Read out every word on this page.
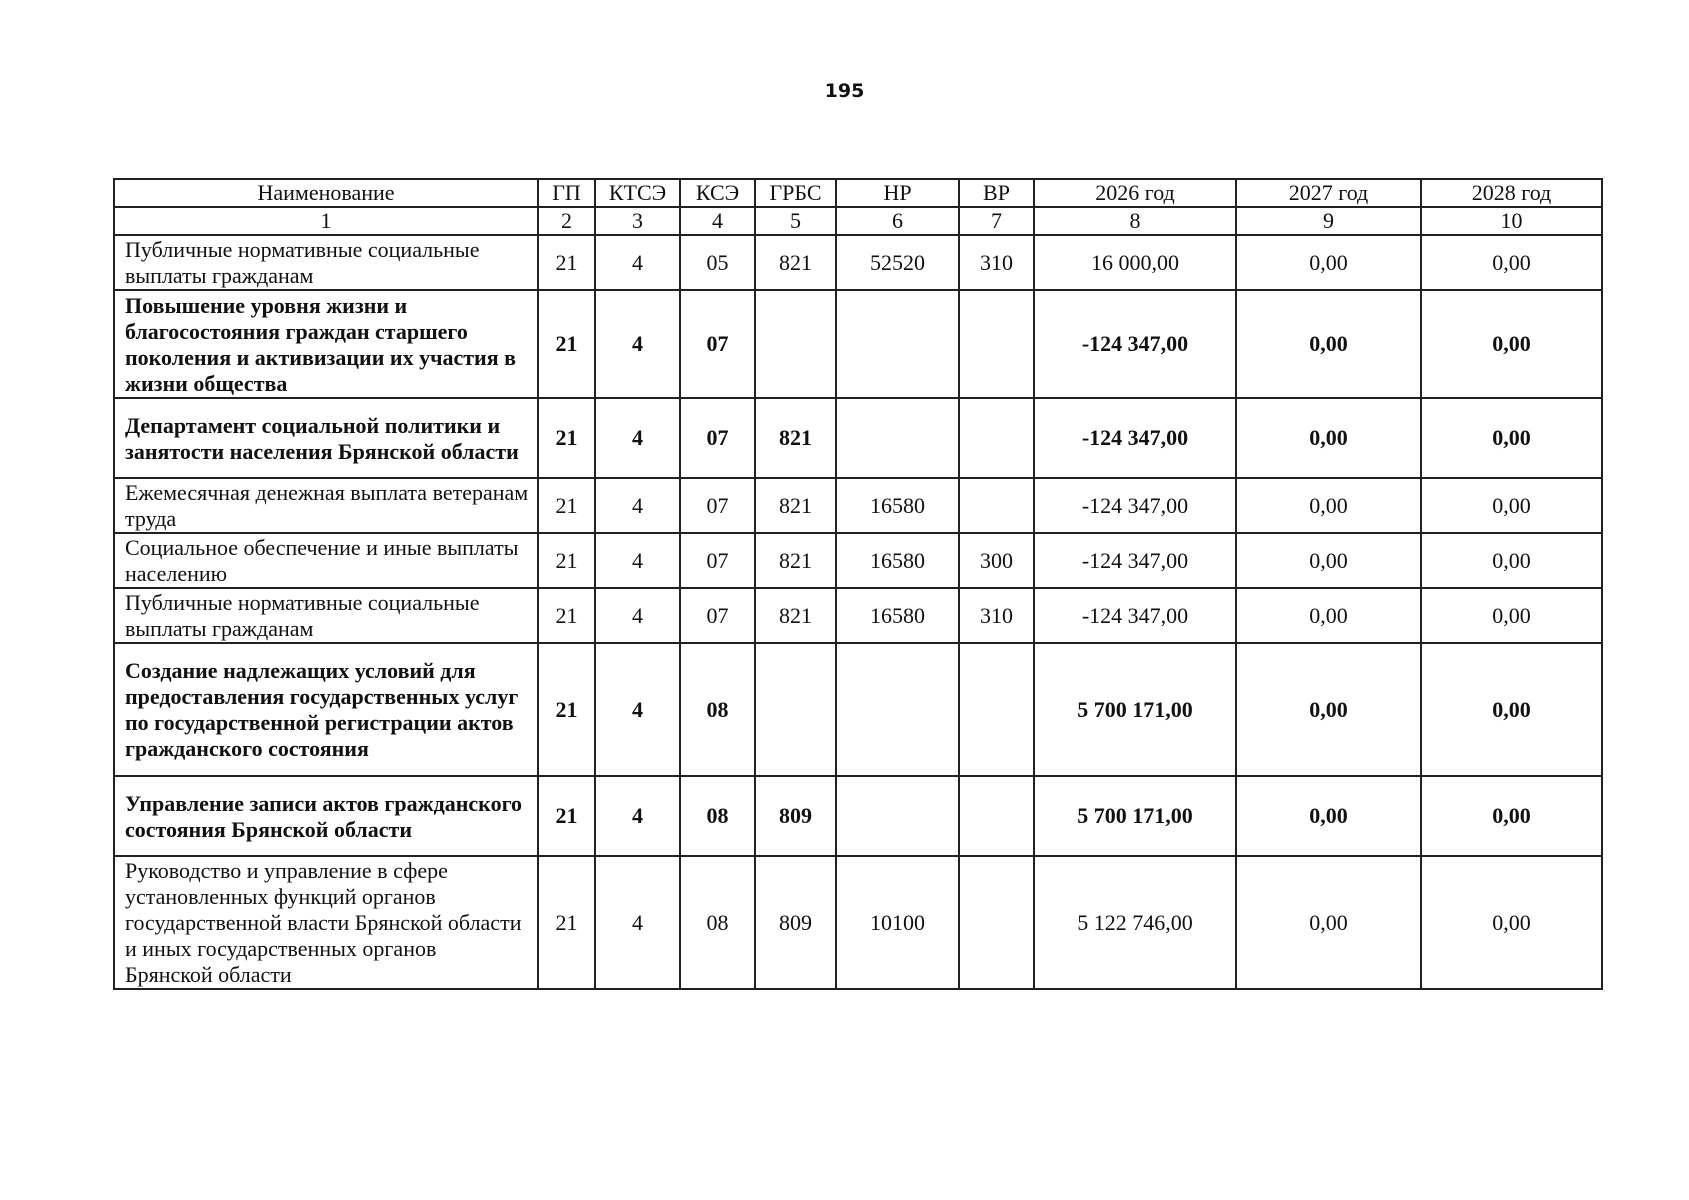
195
Наименование	ГП	КТСЭ	КСЭ	ГРБС	НР	ВР	2026 год	2027 год	2028 год
1	2	3	4	5	6	7	8	9	10
Публичные нормативные социальные выплаты гражданам	21	4	05	821	52520	310	16 000,00	0,00	0,00
Повышение уровня жизни и благосостояния граждан старшего поколения и активизации их участия в жизни общества	21	4	07				-124 347,00	0,00	0,00
Департамент социальной политики и занятости населения Брянской области	21	4	07	821			-124 347,00	0,00	0,00
Ежемесячная денежная выплата ветеранам труда	21	4	07	821	16580		-124 347,00	0,00	0,00
Социальное обеспечение и иные выплаты населению	21	4	07	821	16580	300	-124 347,00	0,00	0,00
Публичные нормативные социальные выплаты гражданам	21	4	07	821	16580	310	-124 347,00	0,00	0,00
Создание надлежащих условий для предоставления государственных услуг по государственной регистрации актов гражданского состояния	21	4	08				5 700 171,00	0,00	0,00
Управление записи актов гражданского состояния Брянской области	21	4	08	809			5 700 171,00	0,00	0,00
Руководство и управление в сфере установленных функций органов государственной власти Брянской области и иных государственных органов Брянской области	21	4	08	809	10100		5 122 746,00	0,00	0,00
